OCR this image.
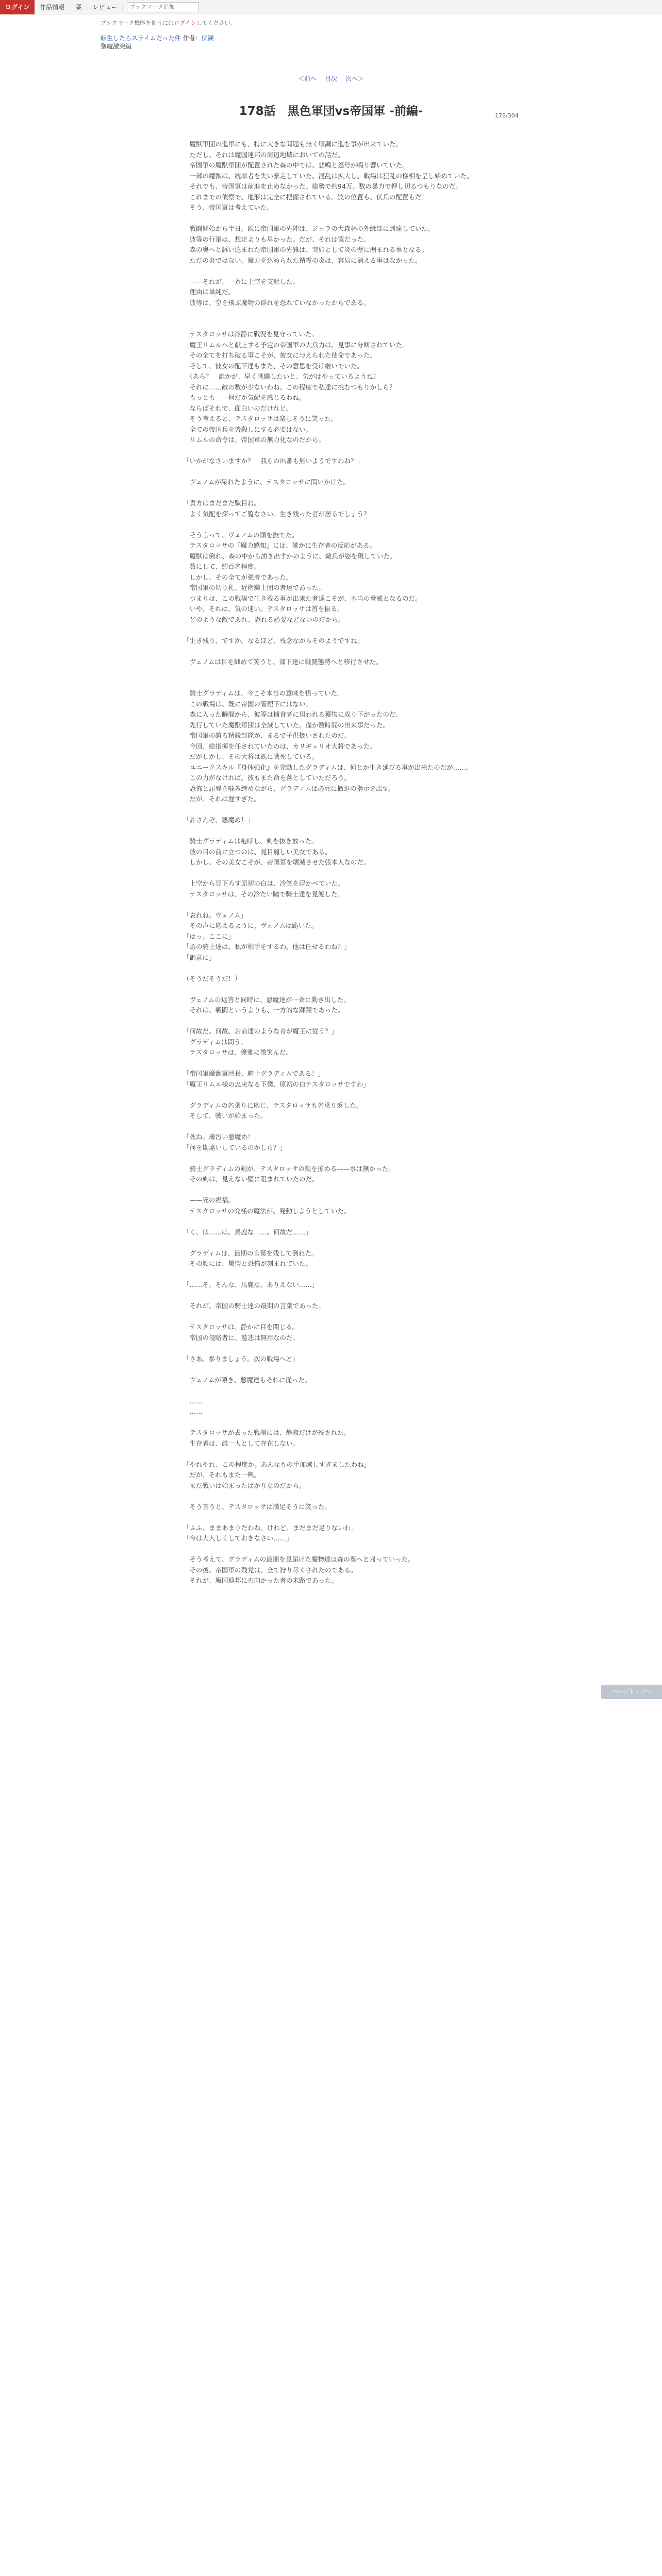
ログイン	作品情報	栞	レビュー
ブックマーク追加
ブックマーク機能を使うにはログインしてください。
転生したらスライムだった件 作者：伏瀬
聖魔激突編
＜前へ 目次 次へ＞
178/304
178話　黒色軍団vs帝国軍 -前編-

　魔獣軍団の進軍にも、特に大きな問題も無く順調に進む事が出来ていた。

　ただし、それは魔国連邦の周辺地域においての話だ。

　帝国軍の魔獣軍団が配置された森の中では、悲鳴と怒号が鳴り響いていた。

　一部の魔獣は、統率者を失い暴走していた。混乱は拡大し、戦場は狂乱の様相を呈し始めていた。

　それでも、帝国軍は前進を止めなかった。総勢で約94万。数の暴力で押し切るつもりなのだ。

　これまでの偵察で、地形は完全に把握されている。罠の位置も、伏兵の配置もだ。

　そう、帝国軍は考えていた。

　戦闘開始から半日。既に帝国軍の先陣は、ジュラの大森林の外縁部に到達していた。

　彼等の行軍は、想定よりも早かった。だが、それは罠だった。

　森の奥へと誘い込まれた帝国軍の先鋒は、突如として炎の壁に囲まれる事となる。

　ただの炎ではない。魔力を込められた精霊の炎は、容易に消える事はなかった。

　——それが、一斉に上空を支配した。

　理由は単純だ。

　彼等は、空を飛ぶ魔物の群れを恐れていなかったからである。

　テスタロッサは冷静に戦況を見守っていた。

　魔王リムルへと献上する予定の帝国軍の大兵力は、見事に分断されていた。

　その全てを打ち破る事こそが、彼女に与えられた使命であった。

　そして、彼女の配下達もまた、その意思を受け継いでいた。

　（あら？　誰かが、早く戦闘したいと、気がはやっているようね）

　それに……敵の数が少ないわね。この程度で私達に挑むつもりかしら？

　もっとも——何だか気配を感じるわね。

　ならばそれで、面白いのだけれど。

　そう考えると、テスタロッサは楽しそうに笑った。

　全ての帝国兵を皆殺しにする必要はない。

　リムルの命令は、帝国軍の無力化なのだから。

「いかがなさいますか？　我らの出番も無いようですわね？」

　ヴェノムが呆れたように、テスタロッサに問いかけた。

「貴方はまだまだ駄目ね。

　よく気配を探ってご覧なさい。生き残った者が居るでしょう？」

　そう言って、ヴェノムの頭を撫でた。

　テスタロッサの『魔力感知』には、確かに生存者の反応がある。

　魔獣は倒れ、森の中から湧き出すかのように、敵兵が姿を現していた。

　数にして、約百名程度。

　しかし、その全てが強者であった。

　帝国軍の切り札、近衛騎士団の者達であった。

　つまりは、この戦場で生き残る事が出来た者達こそが、本当の脅威となるのだ。

　いや、それは、気の迷い。テスタロッサは首を振る。

　どのような敵であれ、恐れる必要などないのだから。

「生き残り、ですか。なるほど、残念ながらそのようですね」

　ヴェノムは目を細めて笑うと、部下達に戦闘態勢へと移行させた。

　騎士グラディムは、今こそ本当の意味を悟っていた。

　この戦場は、既に帝国の管理下にはない。

　森に入った瞬間から、彼等は捕食者に狙われる獲物に成り下がったのだ。

　先行していた魔獣軍団は全滅していた。僅か数時間の出来事だった。

　帝国軍の誇る精鋭部隊が、まるで子供扱いされたのだ。

　今回、総指揮を任されていたのは、カリギュリオ大将であった。

　だがしかし、その大将は既に戦死している。

　ユニークスキル『身体強化』を発動したグラディムは、何とか生き延びる事が出来たのだが……。

　この力がなければ、彼もまた命を落としていただろう。

　恐怖と屈辱を噛み締めながら、グラディムは必死に撤退の指示を出す。

　だが、それは遅すぎた。

「許さんぞ、悪魔め！」

　騎士グラディムは咆哮し、剣を抜き放った。

　彼の目の前に立つのは、見目麗しい美女である。

　しかし、その美女こそが、帝国軍を壊滅させた張本人なのだ。

　上空から見下ろす原初の白は、冷笑を浮かべていた。

　テスタロッサは、その冷たい瞳で騎士達を見渡した。

「哀れね。ヴェノム」

　その声に応えるように、ヴェノムは跪いた。

「はっ。ここに」

「あの騎士達は、私が相手をするわ。他は任せるわね？」

「御意に」

（そうだそうだ！）

　ヴェノムの返答と同時に、悪魔達が一斉に動き出した。

　それは、戦闘というよりも、一方的な蹂躙であった。

「何故だ。何故、お前達のような者が魔王に従う？」

　グラディムは問う。

　テスタロッサは、優雅に微笑んだ。

「帝国軍魔獣軍団長、騎士グラディムである！」

「魔王リムル様の忠実なる下僕、原初の白テスタロッサですわ」

　グラディムの名乗りに応じ、テスタロッサも名乗り返した。

　そして、戦いが始まった。

「死ね。薄汚い悪魔め！」

「何を勘違いしているのかしら？」

　騎士グラディムの剣が、テスタロッサの頬を掠める——事は無かった。

　その剣は、見えない壁に阻まれていたのだ。

　——死の祝福。

　テスタロッサの究極の魔法が、発動しようとしていた。

「く、は……は。馬鹿な……。何故だ……」

　グラディムは、最期の言葉を残して倒れた。

　その顔には、驚愕と恐怖が刻まれていた。

「……そ、そんな、馬鹿な。ありえない……」

　それが、帝国の騎士達の最期の言葉であった。

　テスタロッサは、静かに目を閉じる。

　帝国の侵略者に、慈悲は無用なのだ。

「さあ、参りましょう。次の戦場へと」

　ヴェノムが頷き、悪魔達もそれに従った。

　……

　……

　テスタロッサが去った戦場には、静寂だけが残された。

　生存者は、誰一人として存在しない。

「やれやれ、この程度か。あんなもの手加減しすぎましたわね」

　だが、それもまた一興。

　まだ戦いは始まったばかりなのだから。

　そう言うと、テスタロッサは満足そうに笑った。

「ふふ、ままあまりだわね。けれど、まだまだ足りないわ」

「今は大人しくしておきなさい……」

　そう考えて、グラディムの最期を見届けた魔物達は森の奥へと帰っていった。

　その後、帝国軍の残党は、全て狩り尽くされたのである。

　それが、魔国連邦に刃向かった者の末路であった。

ページトップへ
